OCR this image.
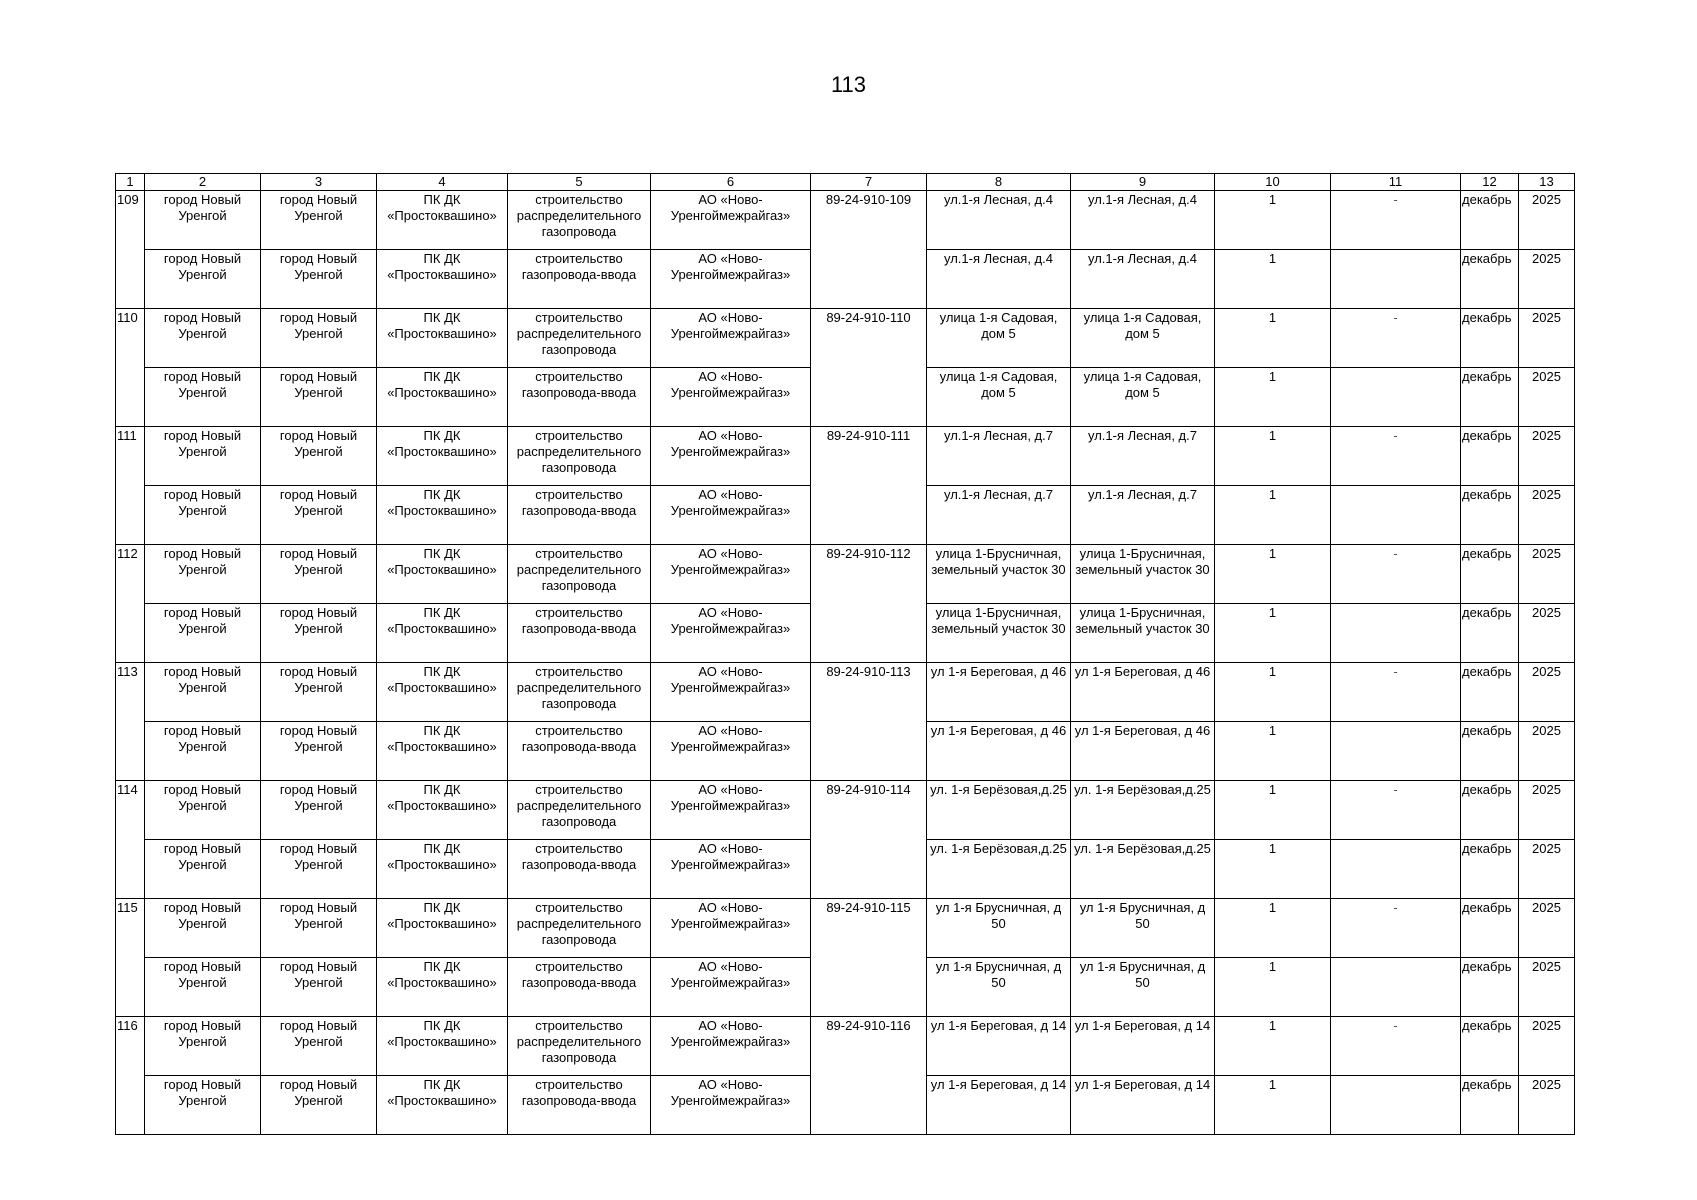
113
1	2	3	4	5	6	7	8	9	10	11	12	13
109	город Новый Уренгой	город Новый Уренгой	ПК ДК «Простоквашино»	строительство распределительного газопровода	АО «Ново-Уренгоймежрайгаз»	89-24-910-109	ул.1-я Лесная, д.4	ул.1-я Лесная, д.4	1	-	декабрь	2025
	город Новый Уренгой	город Новый Уренгой	ПК ДК «Простоквашино»	строительство газопровода-ввода	АО «Ново-Уренгоймежрайгаз»		ул.1-я Лесная, д.4	ул.1-я Лесная, д.4	1		декабрь	2025
110	город Новый Уренгой	город Новый Уренгой	ПК ДК «Простоквашино»	строительство распределительного газопровода	АО «Ново-Уренгоймежрайгаз»	89-24-910-110	улица 1-я Садовая, дом 5	улица 1-я Садовая, дом 5	1	-	декабрь	2025
	город Новый Уренгой	город Новый Уренгой	ПК ДК «Простоквашино»	строительство газопровода-ввода	АО «Ново-Уренгоймежрайгаз»		улица 1-я Садовая, дом 5	улица 1-я Садовая, дом 5	1		декабрь	2025
111	город Новый Уренгой	город Новый Уренгой	ПК ДК «Простоквашино»	строительство распределительного газопровода	АО «Ново-Уренгоймежрайгаз»	89-24-910-111	ул.1-я Лесная, д.7	ул.1-я Лесная, д.7	1	-	декабрь	2025
	город Новый Уренгой	город Новый Уренгой	ПК ДК «Простоквашино»	строительство газопровода-ввода	АО «Ново-Уренгоймежрайгаз»		ул.1-я Лесная, д.7	ул.1-я Лесная, д.7	1		декабрь	2025
112	город Новый Уренгой	город Новый Уренгой	ПК ДК «Простоквашино»	строительство распределительного газопровода	АО «Ново-Уренгоймежрайгаз»	89-24-910-112	улица 1-Брусничная, земельный участок 30	улица 1-Брусничная, земельный участок 30	1	-	декабрь	2025
	город Новый Уренгой	город Новый Уренгой	ПК ДК «Простоквашино»	строительство газопровода-ввода	АО «Ново-Уренгоймежрайгаз»		улица 1-Брусничная, земельный участок 30	улица 1-Брусничная, земельный участок 30	1		декабрь	2025
113	город Новый Уренгой	город Новый Уренгой	ПК ДК «Простоквашино»	строительство распределительного газопровода	АО «Ново-Уренгоймежрайгаз»	89-24-910-113	ул 1-я Береговая, д 46	ул 1-я Береговая, д 46	1	-	декабрь	2025
	город Новый Уренгой	город Новый Уренгой	ПК ДК «Простоквашино»	строительство газопровода-ввода	АО «Ново-Уренгоймежрайгаз»		ул 1-я Береговая, д 46	ул 1-я Береговая, д 46	1		декабрь	2025
114	город Новый Уренгой	город Новый Уренгой	ПК ДК «Простоквашино»	строительство распределительного газопровода	АО «Ново-Уренгоймежрайгаз»	89-24-910-114	ул. 1-я Берёзовая,д.25	ул. 1-я Берёзовая,д.25	1	-	декабрь	2025
	город Новый Уренгой	город Новый Уренгой	ПК ДК «Простоквашино»	строительство газопровода-ввода	АО «Ново-Уренгоймежрайгаз»		ул. 1-я Берёзовая,д.25	ул. 1-я Берёзовая,д.25	1		декабрь	2025
115	город Новый Уренгой	город Новый Уренгой	ПК ДК «Простоквашино»	строительство распределительного газопровода	АО «Ново-Уренгоймежрайгаз»	89-24-910-115	ул 1-я Брусничная, д 50	ул 1-я Брусничная, д 50	1	-	декабрь	2025
	город Новый Уренгой	город Новый Уренгой	ПК ДК «Простоквашино»	строительство газопровода-ввода	АО «Ново-Уренгоймежрайгаз»		ул 1-я Брусничная, д 50	ул 1-я Брусничная, д 50	1		декабрь	2025
116	город Новый Уренгой	город Новый Уренгой	ПК ДК «Простоквашино»	строительство распределительного газопровода	АО «Ново-Уренгоймежрайгаз»	89-24-910-116	ул 1-я Береговая, д 14	ул 1-я Береговая, д 14	1	-	декабрь	2025
	город Новый Уренгой	город Новый Уренгой	ПК ДК «Простоквашино»	строительство газопровода-ввода	АО «Ново-Уренгоймежрайгаз»		ул 1-я Береговая, д 14	ул 1-я Береговая, д 14	1		декабрь	2025
